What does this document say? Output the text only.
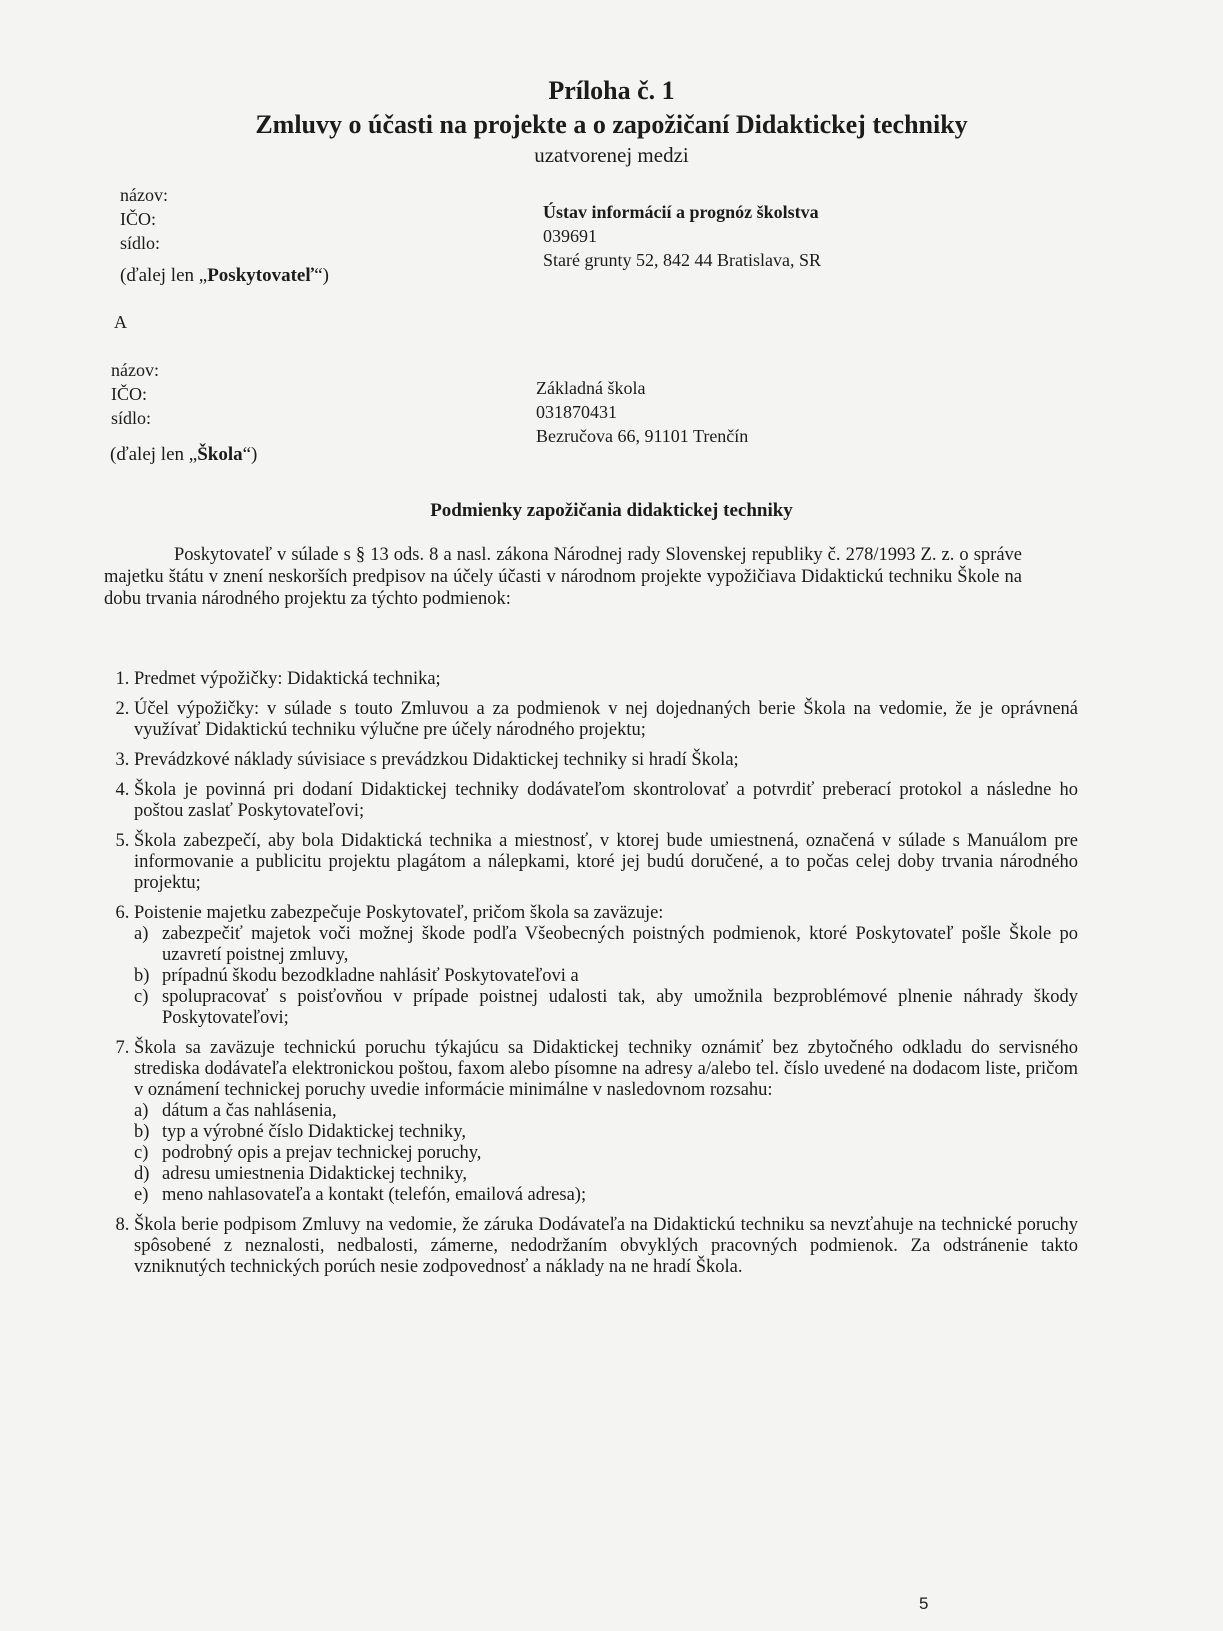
Príloha č. 1
Zmluvy o účasti na projekte a o zapožičaní Didaktickej techniky
uzatvorenej medzi
názov:
IČO:
sídlo:
Ústav informácií a prognóz školstva
039691
Staré grunty 52, 842 44 Bratislava, SR
(ďalej len „Poskytovateľ“)
A
názov:
IČO:
sídlo:
Základná škola
031870431
Bezručova 66, 91101 Trenčín
(ďalej len „Škola“)
Podmienky zapožičania didaktickej techniky
Poskytovateľ v súlade s § 13 ods. 8 a nasl. zákona Národnej rady Slovenskej republiky č. 278/1993 Z. z. o správe majetku štátu v znení neskorších predpisov na účely účasti v národnom projekte vypožičiava Didaktickú techniku Škole na dobu trvania národného projektu za týchto podmienok:
1. Predmet výpožičky: Didaktická technika;
2. Účel výpožičky: v súlade s touto Zmluvou a za podmienok v nej dojednaných berie Škola na vedomie, že je oprávnená využívať Didaktickú techniku výlučne pre účely národného projektu;
3. Prevádzkové náklady súvisiace s prevádzkou Didaktickej techniky si hradí Škola;
4. Škola je povinná pri dodaní Didaktickej techniky dodávateľom skontrolovať a potvrdiť preberací protokol a následne ho poštou zaslať Poskytovateľovi;
5. Škola zabezpečí, aby bola Didaktická technika a miestnosť, v ktorej bude umiestnená, označená v súlade s Manuálom pre informovanie a publicitu projektu plagátom a nálepkami, ktoré jej budú doručené, a to počas celej doby trvania národného projektu;
6. Poistenie majetku zabezpečuje Poskytovateľ, pričom škola sa zaväzuje:
a) zabezpečiť majetok voči možnej škode podľa Všeobecných poistných podmienok, ktoré Poskytovateľ pošle Škole po uzavretí poistnej zmluvy,
b) prípadnú škodu bezodkladne nahlásiť Poskytovateľovi a
c) spolupracovať s poisťovňou v prípade poistnej udalosti tak, aby umožnila bezproblémové plnenie náhrady škody Poskytovateľovi;
7. Škola sa zaväzuje technickú poruchu týkajúcu sa Didaktickej techniky oznámiť bez zbytočného odkladu do servisného strediska dodávateľa elektronickou poštou, faxom alebo písomne na adresy a/alebo tel. číslo uvedené na dodacom liste, pričom v oznámení technickej poruchy uvedie informácie minimálne v nasledovnom rozsahu:
a) dátum a čas nahlásenia,
b) typ a výrobné číslo Didaktickej techniky,
c) podrobný opis a prejav technickej poruchy,
d) adresu umiestnenia Didaktickej techniky,
e) meno nahlasovateľa a kontakt (telefón, emailová adresa);
8. Škola berie podpisom Zmluvy na vedomie, že záruka Dodávateľa na Didaktickú techniku sa nevzťahuje na technické poruchy spôsobené z neznalosti, nedbalosti, zámerne, nedodržaním obvyklých pracovných podmienok. Za odstránenie takto vzniknutých technických porúch nesie zodpovednosť a náklady na ne hradí Škola.
5
